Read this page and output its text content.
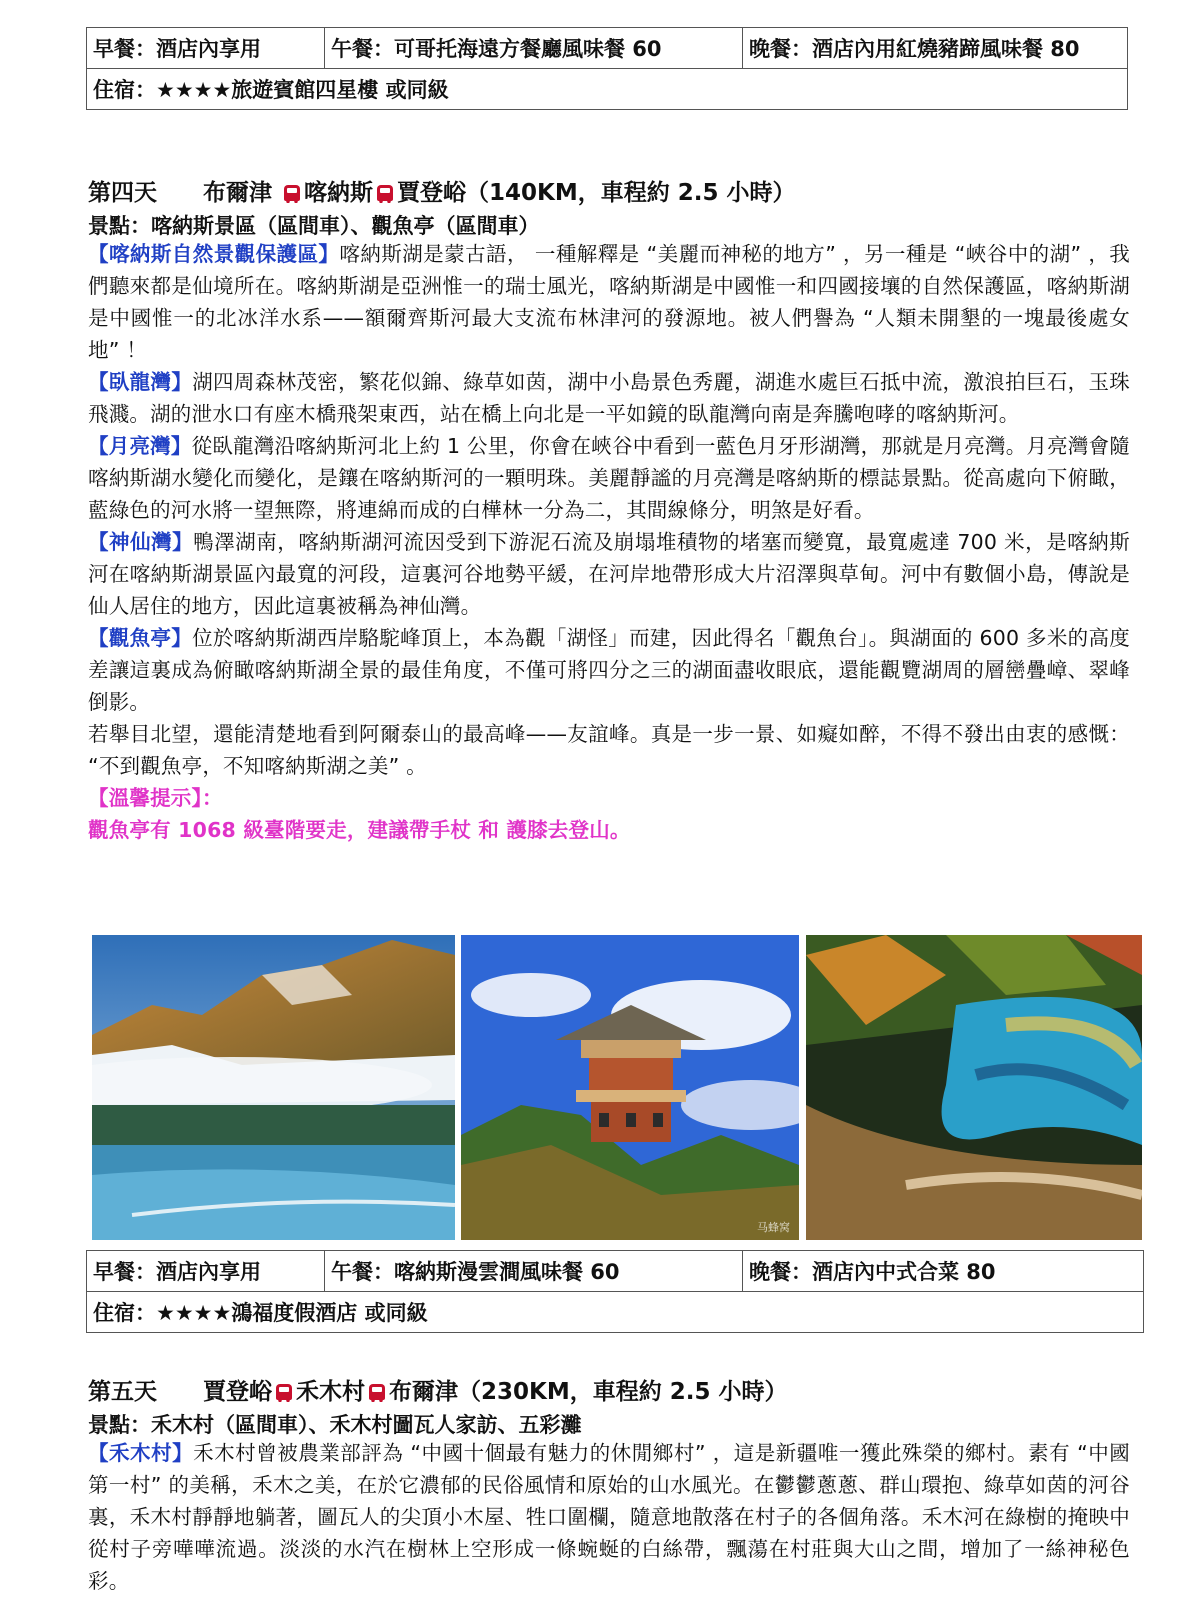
早餐：酒店內享用	午餐：可哥托海遠方餐廳風味餐 60	晚餐：酒店內用紅燒豬蹄風味餐 80
住宿：★★★★旅遊賓館四星樓 或同級
第四天 布爾津 喀納斯 賈登峪（140KM，車程約 2.5 小時）
景點：喀納斯景區（區間車）、觀魚亭（區間車）

【喀納斯自然景觀保護區】喀納斯湖是蒙古語， 一種解釋是 “美麗而神秘的地方” ，另一種是 “峽谷中的湖” ，我們聽來都是仙境所在。喀納斯湖是亞洲惟一的瑞士風光，喀納斯湖是中國惟一和四國接壤的自然保護區，喀納斯湖是中國惟一的北冰洋水系——額爾齊斯河最大支流布林津河的發源地。被人們譽為 “人類未開墾的一塊最後處女地” ！

【臥龍灣】湖四周森林茂密，繁花似錦、綠草如茵，湖中小島景色秀麗，湖進水處巨石抵中流，激浪拍巨石，玉珠飛濺。湖的泄水口有座木橋飛架東西，站在橋上向北是一平如鏡的臥龍灣向南是奔騰咆哮的喀納斯河。

【月亮灣】從臥龍灣沿喀納斯河北上約 1 公里，你會在峽谷中看到一藍色月牙形湖灣，那就是月亮灣。月亮灣會隨喀納斯湖水變化而變化，是鑲在喀納斯河的一顆明珠。美麗靜謐的月亮灣是喀納斯的標誌景點。從高處向下俯瞰，藍綠色的河水將一望無際，將連綿而成的白樺林一分為二，其間線條分，明煞是好看。

【神仙灣】鴨澤湖南，喀納斯湖河流因受到下游泥石流及崩塌堆積物的堵塞而變寬，最寬處達 700 米，是喀納斯河在喀納斯湖景區內最寬的河段，這裏河谷地勢平緩，在河岸地帶形成大片沼澤與草甸。河中有數個小島，傳說是仙人居住的地方，因此這裏被稱為神仙灣。

【觀魚亭】位於喀納斯湖西岸駱駝峰頂上，本為觀「湖怪」而建，因此得名「觀魚台」。與湖面的 600 多米的高度差讓這裏成為俯瞰喀納斯湖全景的最佳角度，不僅可將四分之三的湖面盡收眼底，還能觀覽湖周的層巒疊嶂、翠峰倒影。

若舉目北望，還能清楚地看到阿爾泰山的最高峰——友誼峰。真是一步一景、如癡如醉，不得不發出由衷的感慨： “不到觀魚亭，不知喀納斯湖之美” 。

【溫馨提示】：

觀魚亭有 1068 級臺階要走，建議帶手杖 和 護膝去登山。

马蜂窝
早餐：酒店內享用	午餐：喀納斯漫雲澗風味餐 60	晚餐：酒店內中式合菜 80
住宿：★★★★鴻福度假酒店 或同級
第五天 賈登峪 禾木村 布爾津（230KM，車程約 2.5 小時）
景點：禾木村（區間車）、禾木村圖瓦人家訪、五彩灘

【禾木村】禾木村曾被農業部評為 “中國十個最有魅力的休閒鄉村” ，這是新疆唯一獲此殊榮的鄉村。素有 “中國第一村” 的美稱，禾木之美，在於它濃郁的民俗風情和原始的山水風光。在鬱鬱蔥蔥、群山環抱、綠草如茵的河谷裏，禾木村靜靜地躺著，圖瓦人的尖頂小木屋、牲口圍欄，隨意地散落在村子的各個角落。禾木河在綠樹的掩映中從村子旁嘩嘩流過。淡淡的水汽在樹林上空形成一條蜿蜒的白絲帶，飄蕩在村莊與大山之間，增加了一絲神秘色彩。
